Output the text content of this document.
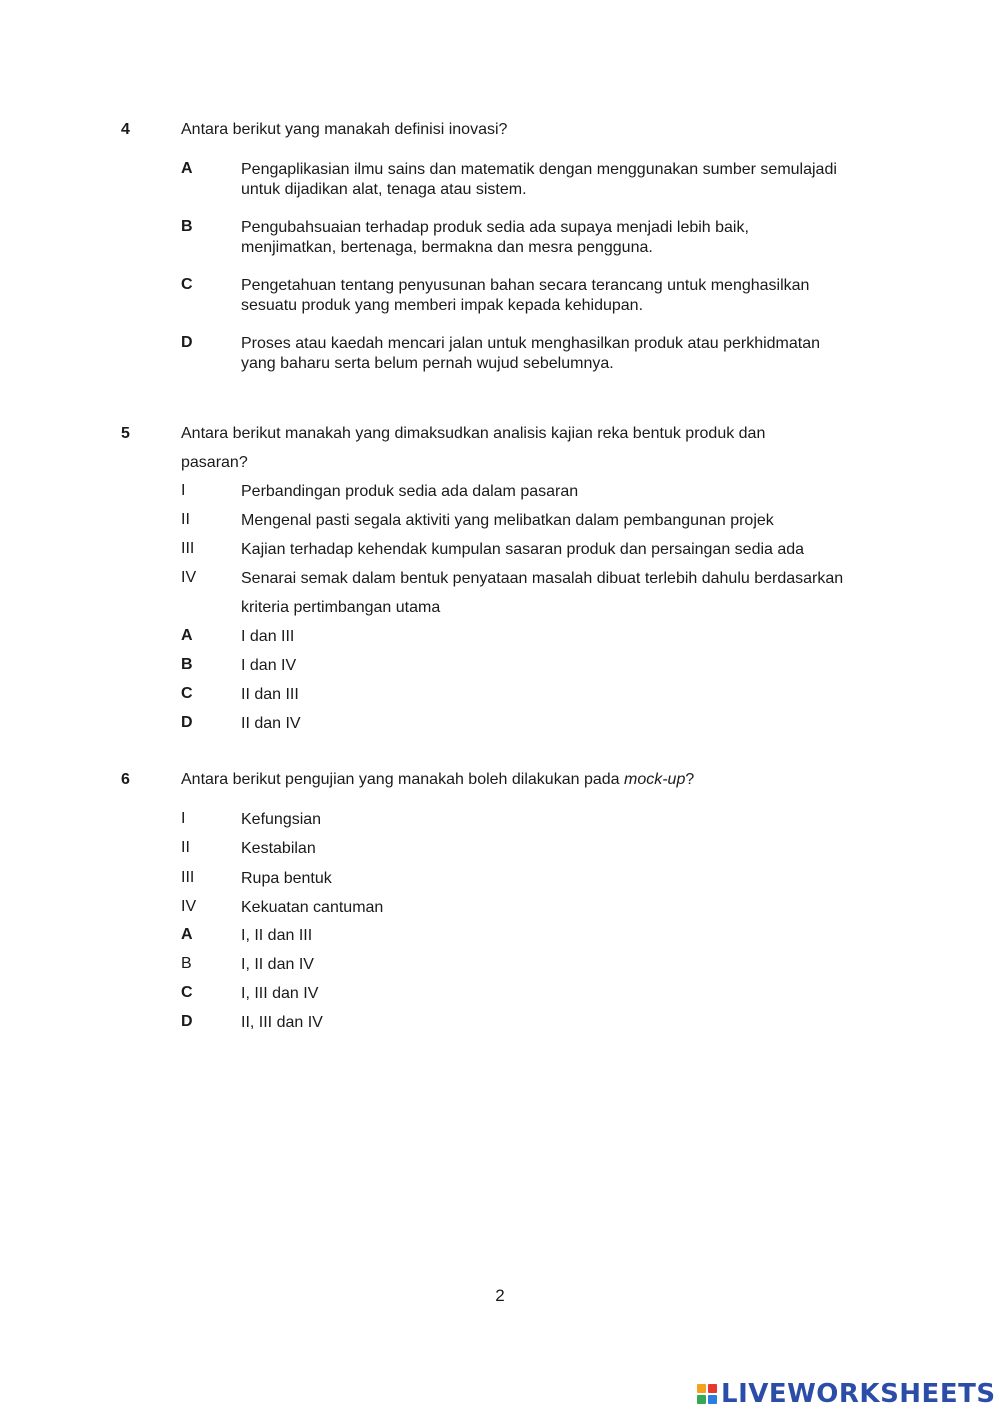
4	Antara berikut yang manakah definisi inovasi?
A	Pengaplikasian ilmu sains dan matematik dengan menggunakan sumber semulajadi
untuk dijadikan alat, tenaga atau sistem.
B	Pengubahsuaian terhadap produk sedia ada supaya menjadi lebih baik,
menjimatkan, bertenaga, bermakna dan mesra pengguna.
C	Pengetahuan tentang penyusunan bahan secara terancang untuk menghasilkan
sesuatu produk yang memberi impak kepada kehidupan.
D	Proses atau kaedah mencari jalan untuk menghasilkan produk atau perkhidmatan
yang baharu serta belum pernah wujud sebelumnya.
5	Antara berikut manakah yang dimaksudkan analisis kajian reka bentuk produk dan
pasaran?
I	Perbandingan produk sedia ada dalam pasaran
II	Mengenal pasti segala aktiviti yang melibatkan dalam pembangunan projek
III	Kajian terhadap kehendak kumpulan sasaran produk dan persaingan sedia ada
IV	Senarai semak dalam bentuk penyataan masalah dibuat terlebih dahulu berdasarkan
kriteria pertimbangan utama
A	I dan III
B	I dan IV
C	II dan III
D	II dan IV
6	Antara berikut pengujian yang manakah boleh dilakukan pada mock-up?
I	Kefungsian
II	Kestabilan
III	Rupa bentuk
IV	Kekuatan cantuman
A	I, II dan III
B	I, II dan IV
C	I, III dan IV
D	II, III dan IV
2
LIVEWORKSHEETS
